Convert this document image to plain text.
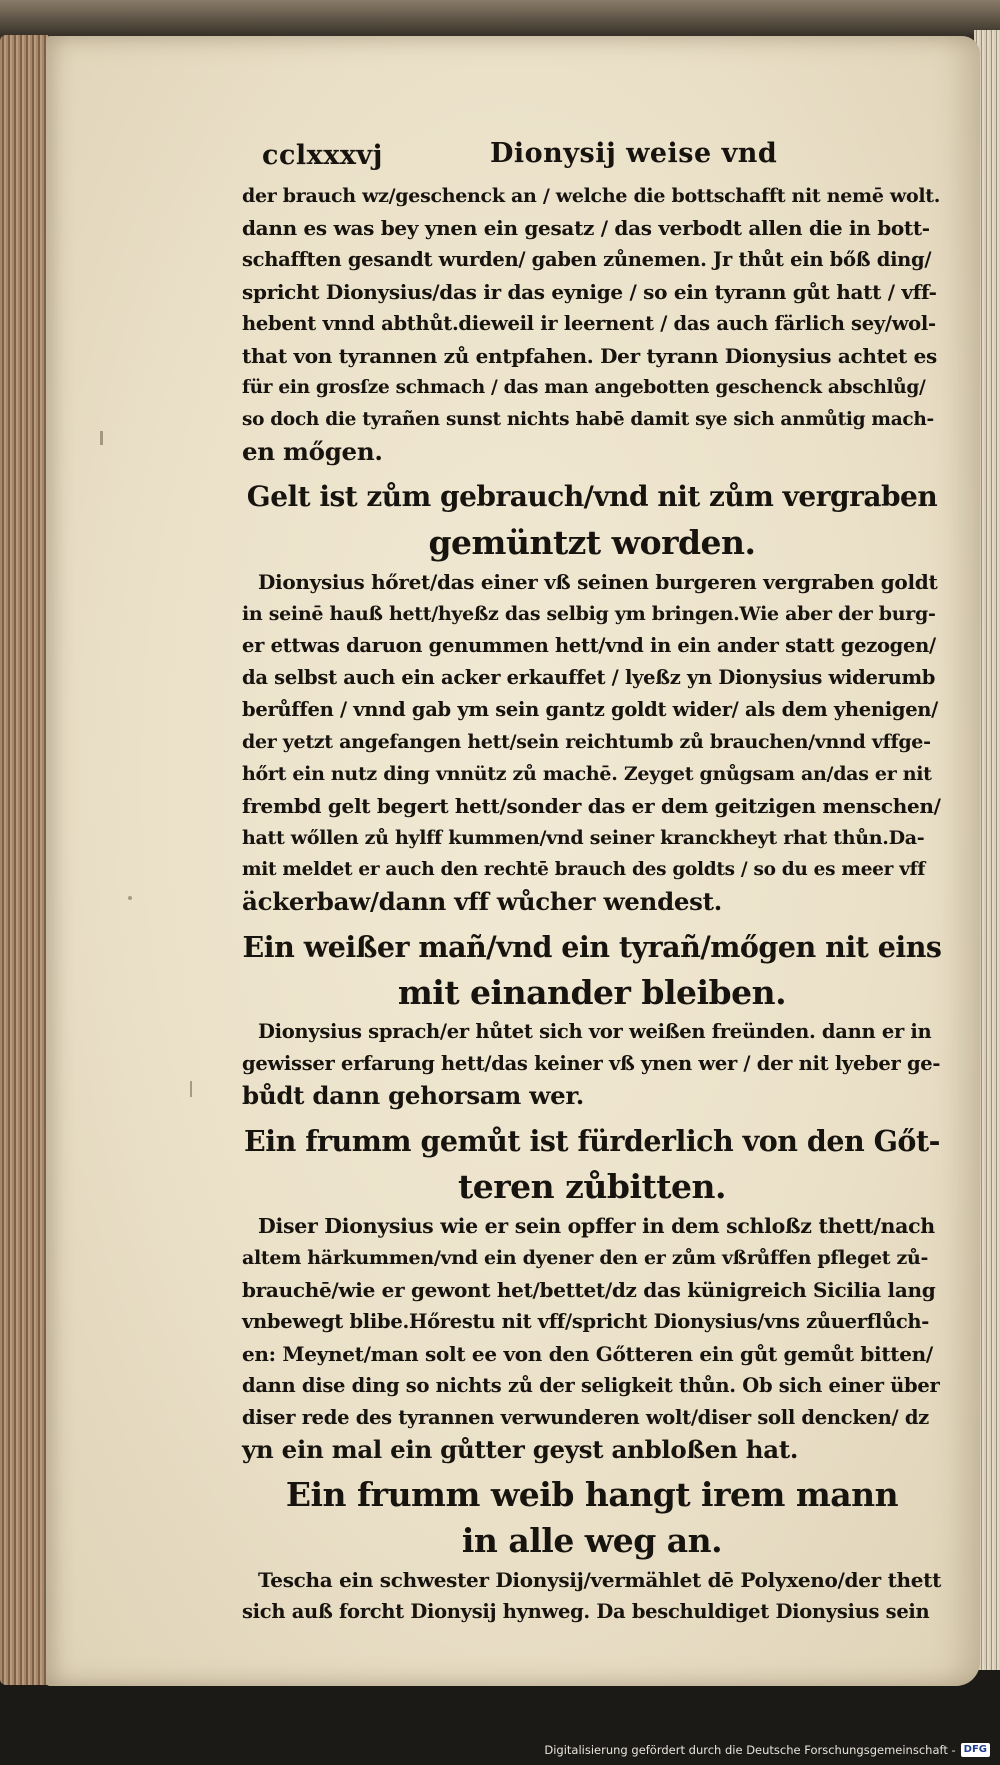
cclxxxvj	Dionysij weise vnd
der brauch wz/geschenck an / welche die bottschafft nit nemē wolt.
dann es was bey ynen ein gesatz / das verbodt allen die in bott-
schafften gesandt wurden/ gaben zůnemen. Jr thůt ein bőß ding/
spricht Dionysius/das ir das eynige / so ein tyrann gůt hatt / vff-
hebent vnnd abthůt.dieweil ir leernent / das auch färlich sey/wol-
that von tyrannen zů entpfahen. Der tyrann Dionysius achtet es
für ein grosſze schmach / das man angebotten geschenck abschlůg/
so doch die tyrañen sunst nichts habē damit sye sich anmůtig mach-
en mőgen.
Gelt ist zům gebrauch/vnd nit zům vergraben
gemüntzt worden.
Dionysius hőret/das einer vß seinen burgeren vergraben goldt
in seinē hauß hett/hyeßz das selbig ym bringen.Wie aber der burg-
er ettwas daruon genummen hett/vnd in ein ander statt gezogen/
da selbst auch ein acker erkauffet / lyeßz yn Dionysius widerumb
berůffen / vnnd gab ym sein gantz goldt wider/ als dem yhenigen/
der yetzt angefangen hett/sein reichtumb zů brauchen/vnnd vffge-
hőrt ein nutz ding vnnütz zů machē. Zeyget gnůgsam an/das er nit
frembd gelt begert hett/sonder das er dem geitzigen menschen/
hatt wőllen zů hylff kummen/vnd seiner kranckheyt rhat thůn.Da-
mit meldet er auch den rechtē brauch des goldts / so du es meer vff
äckerbaw/dann vff wůcher wendest.
Ein weißer mañ/vnd ein tyrañ/mőgen nit eins
mit einander bleiben.
Dionysius sprach/er hůtet sich vor weißen freünden. dann er in
gewisser erfarung hett/das keiner vß ynen wer / der nit lyeber ge-
bůdt dann gehorsam wer.
Ein frumm gemůt ist fürderlich von den Gőt-
teren zůbitten.
Diser Dionysius wie er sein opffer in dem schloßz thett/nach
altem härkummen/vnd ein dyener den er zům vßrůffen pfleget zů-
brauchē/wie er gewont het/bettet/dz das künigreich Sicilia lang
vnbewegt blibe.Hőrestu nit vff/spricht Dionysius/vns zůuerflůch-
en: Meynet/man solt ee von den Gőtteren ein gůt gemůt bitten/
dann dise ding so nichts zů der seligkeit thůn. Ob sich einer über
diser rede des tyrannen verwunderen wolt/diser soll dencken/ dz
yn ein mal ein gůtter geyst anbloßen hat.
Ein frumm weib hangt irem mann
in alle weg an.
Tescha ein schwester Dionysij/vermählet dē Polyxeno/der thett
sich auß forcht Dionysij hynweg. Da beschuldiget Dionysius sein
Digitalisierung gefördert durch die Deutsche Forschungsgemeinschaft - DFG
